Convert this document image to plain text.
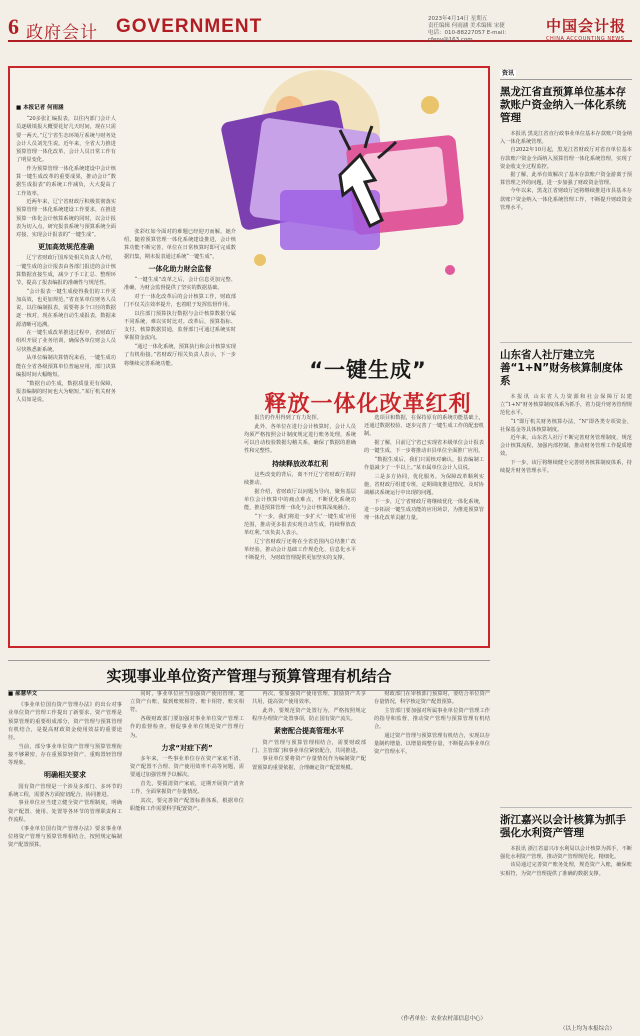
6 政府会计 GOVERNMENT	2023年4月14日 星期五
责任编辑 何雨涵 美术编辑 宋捷
电话：010-88227057 E-mail：cfeny@163.com
中国会计报
CHINA ACCOUNTING NEWS
“一键生成”
释放一体化改革红利
■ 本报记者 何雨涵

“20多张汇编报表，以往内部门会计人员逐级填报大概要花好几天时间，现在只需要一两天。”辽宁省生态环境厅系统与财务处会计人员刘先生说。近年来，全省大力推进预算管理一体化改革，会计人员日常工作有了明显变化。

作为预算管理一体化系统建设中会计核算一键生成改革的重要成果，推动会计“数据生成报表”的系统工作减负，大大提高了工作效率。

近两年来，辽宁省财政厅积极贯彻落实预算管理一体化系统建设工作要求，在推进预算一体化会计核算系统的同时，以会计报表为切入点，研究报表系统与预算系统全面对接，实现会计报表的“一键生成”。

更加高效规范准确

辽宁省财政厅国库处相关负责人介绍，一键生成的会计报表由各部门报送的会计核算数据直接生成，减少了手工汇总、整理环节，提高了报表编报的准确性与规范性。

“会计报表一键生成使得我们的工作更加高效，也更加规范。”省直某单位财务人员说，以往编制报表，需要将多个口径的数据逐一核对，现在系统自动生成报表，数据来源清晰可追溯。

在一键生成改革推进过程中，省财政厅组织开展了业务培训，确保各单位财会人员尽快熟悉新系统。

从单位编制决算情况来看，一键生成功能在全省各级预算单位普遍应用，部门决算编报时间大幅缩短。

“数据自动生成，数据质量更有保障，报表编制的时间也大为缩短。”某厅机关财务人员如是说。

张彩红如今面对的难题已经迎刃而解。她介绍，随着预算管理一体化系统建设推进，会计核算功能不断完善，单位在日常核算时即可完成数据归集，期末报表通过系统“一键生成”。

一体化助力财会监督

“一键生成”改革之后，会计信息更加完整、准确，为财会监督提供了坚实的数据基础。

对于一体化改革后的会计核算工作，财政部门不仅关注效率提升，也着眼于发挥监督作用。

以往部门预算执行数据与会计核算数据分属不同系统，难以实时比对。改革后，预算指标、支付、核算数据贯通，监督部门可通过系统实时掌握资金流向。

“通过一体化系统，预算执行和会计核算实现了有机衔接。”省财政厅相关负责人表示，下一步将继续完善系统功能。

报告的作用得到了有力发挥。

此外，各单位在进行会计核算时，会计人员均须严格按照会计制度规定进行账务处理，系统可以自动校验数据勾稽关系，确保了数据的准确性和完整性。

持续释放改革红利

这些改变的背后，离不开辽宁省财政厅的持续推动。

据介绍，省财政厅以问题为导向，聚焦基层单位会计核算中的痛点难点，不断优化系统功能，推进预算管理一体化与会计核算深度融合。

“下一步，我们将进一步扩大‘一键生成’应用范围，推动更多报表实现自动生成，持续释放改革红利。”该负责人表示。

辽宁省财政厅还将在全省范围内总结推广改革经验，推动会计基础工作规范化、信息化水平不断提升，为财政管理提供更加坚实的支撑。

选项目和数据，在保持原有的系统功能基础上，还通过数据校验、逐步完善了一键生成工作的配套机制。

据了解，目前辽宁省已实现省本级单位会计报表的一键生成，下一步将推动市县单位全面推广应用。

“数据生成后，我们只需核对确认，报表编制工作量减少了一半以上。”某市属单位会计人员说。

三是多方协同，优化服务。为保障改革顺利实施，省财政厅组建专班，定期调度推进情况，及时协调解决系统运行中出现的问题。

下一步，辽宁省财政厅将继续优化一体化系统，进一步拓展一键生成功能的应用场景，为推进预算管理一体化改革贡献力量。

实现事业单位资产管理与预算管理有机结合
■ 郝慧华文

《事业单位国有资产管理办法》的出台对事业单位资产管理工作提出了新要求。资产管理是预算管理的重要组成部分，资产管理与预算管理有机结合，是提高财政资金使用效益的重要途径。

当前，部分事业单位资产管理与预算管理衔接不够紧密，存在重预算轻资产、重购置轻管理等现象。

明确相关要求

国有资产管理是一个涉及多部门、多环节的系统工程，需要各方面密切配合、协同推进。

事业单位应当建立健全资产管理制度，明确资产配置、使用、处置等各环节的管理职责和工作流程。

《事业单位国有资产管理办法》要求事业单位将资产管理与预算管理相结合，按照规定编制资产配置预算。

同时，事业单位应当加强资产使用管理，建立资产台账，做到账账相符、账卡相符、账实相符。

各级财政部门要加强对事业单位资产管理工作的监督检查，督促事业单位规范资产管理行为。

力求“对症下药”

多年来，一些事业单位存在资产家底不清、资产配置不合理、资产使用效率不高等问题，需要通过加强管理予以解决。

首先，要摸清资产家底，定期开展资产清查工作，全面掌握资产存量情况。

其次，要完善资产配置标准体系，根据单位职能和工作需要科学配置资产。

再次，要加强资产使用管理，鼓励资产共享共用，提高资产使用效率。

此外，要规范资产处置行为，严格按照规定程序办理资产处置事项，防止国有资产流失。

紧密配合提高管理水平

资产管理与预算管理相结合，需要财政部门、主管部门和事业单位紧密配合，共同推进。

事业单位要将资产存量情况作为编制资产配置预算的重要依据，合理确定资产配置规模。

财政部门在审核部门预算时，要结合单位资产存量情况，科学核定资产配置预算。

主管部门要加强对所属事业单位资产管理工作的指导和监督，推动资产管理与预算管理有机结合。

通过资产管理与预算管理有机结合，实现以存量制约增量、以增量调整存量，不断提高事业单位资产管理水平。

（作者单位：农业农村部信息中心）
资讯
黑龙江省直预算单位基本存款账户资金纳入一体化系统管理

本报讯 黑龙江省直行政事业单位基本存款账户资金纳入一体化系统管理。

自2022年10月起，黑龙江省财政厅对省直单位基本存款账户资金全面纳入预算管理一体化系统管理，实现了资金收支全过程监控。

据了解，此举有效解决了基本存款账户资金游离于预算管理之外的问题，进一步加强了财政资金管理。

今年以来，黑龙江省财政厅还将继续推进市县基本存款账户资金纳入一体化系统管理工作，不断提升财政资金管理水平。

山东省人社厅建立完善“1+N”财务核算制度体系

本报讯 山东省人力资源和社会保障厅以建立“1+N”财务核算制度体系为抓手，着力提升财务管理规范化水平。

“1”即厅机关财务核算办法，“N”即各类专项资金、社保基金等具体核算制度。

近年来，山东省人社厅不断完善财务管理制度，规范会计核算流程，加强内部控制，推动财务管理工作提质增效。

下一步，该厅将继续健全完善财务核算制度体系，持续提升财务管理水平。

浙江嘉兴以会计核算为抓手强化水利资产管理

本报讯 浙江省嘉兴市水利局以会计核算为抓手，不断强化水利资产管理，推动资产管理规范化、精细化。

该局通过完善资产账务处理，规范资产入账，确保账实相符，为资产管理提供了准确的数据支撑。

（以上均为本报综合）
